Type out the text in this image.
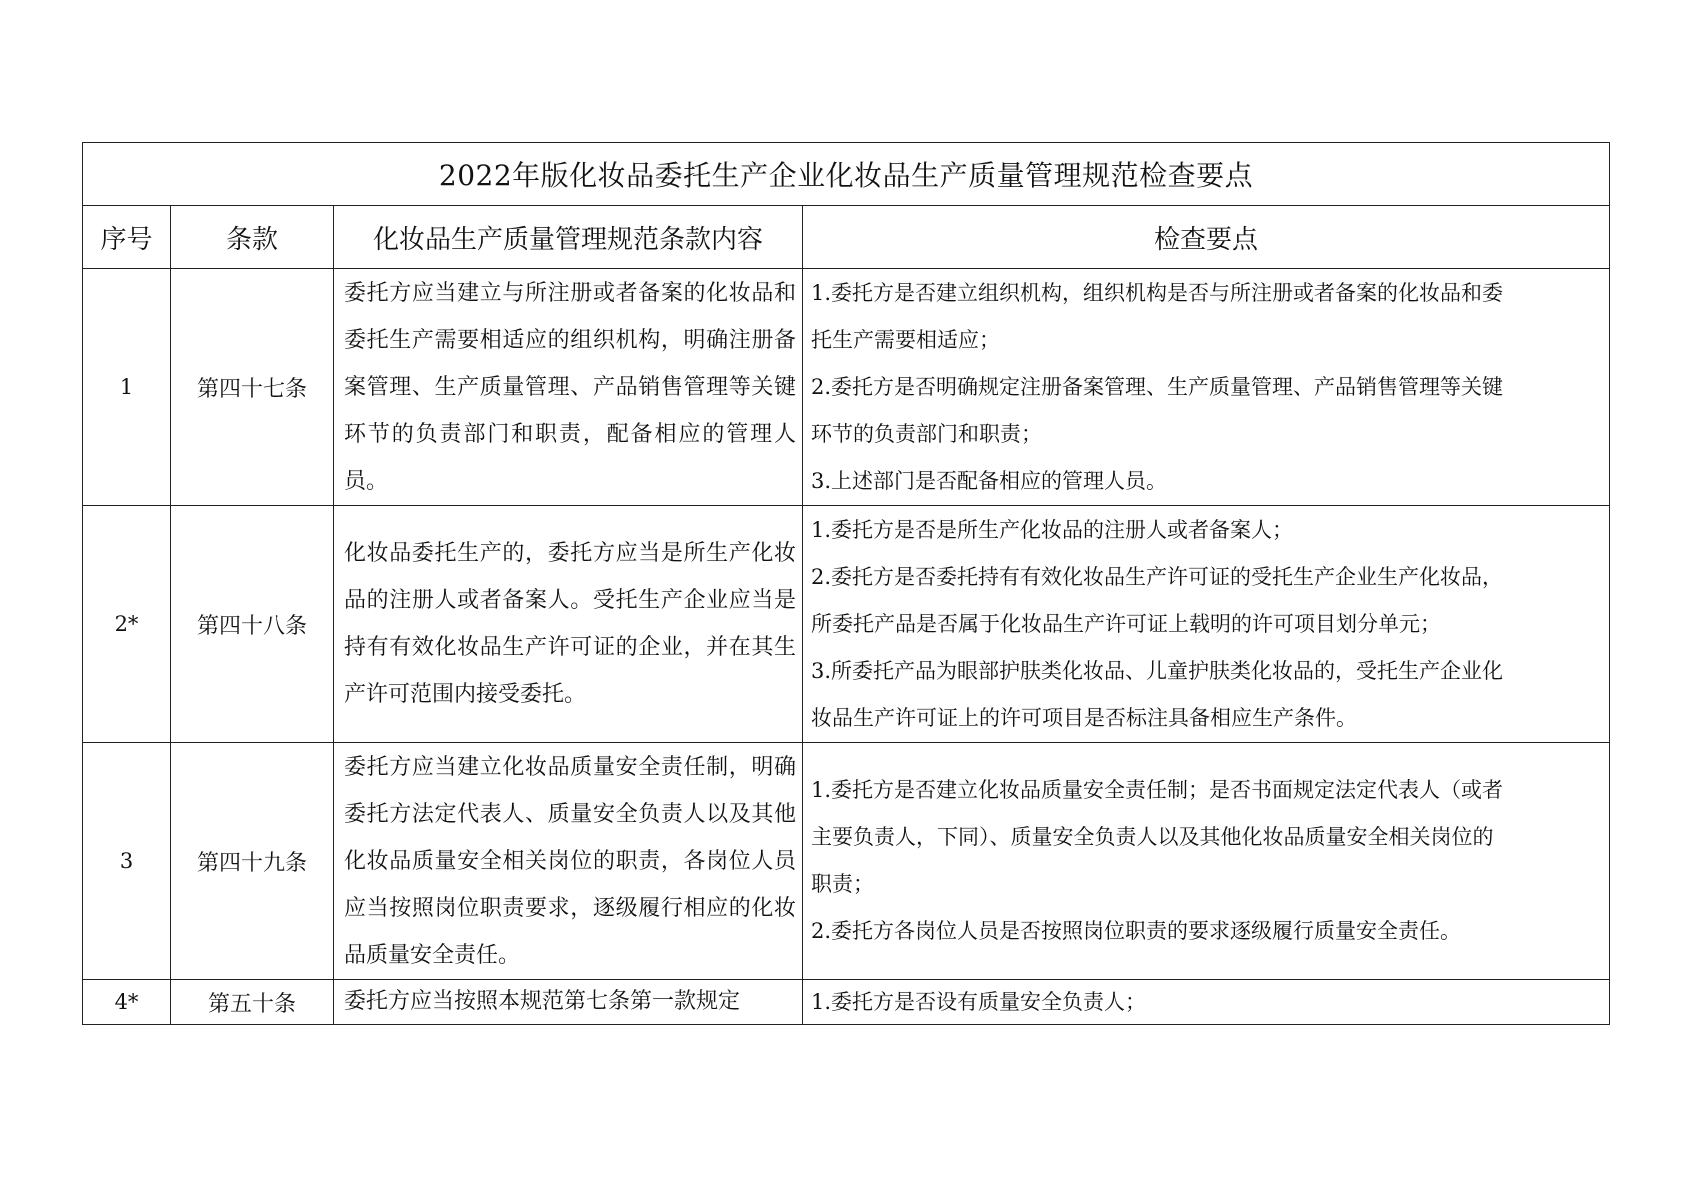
2022年版化妆品委托生产企业化妆品生产质量管理规范检查要点			
序号	条款	化妆品生产质量管理规范条款内容	检查要点
1	第四十七条	委托方应当建立与所注册或者备案的化妆品和委托生产需要相适应的组织机构，明确注册备案管理、生产质量管理、产品销售管理等关键环节的负责部门和职责，配备相应的管理人员。	1.委托方是否建立组织机构，组织机构是否与所注册或者备案的化妆品和委
托生产需要相适应；
2.委托方是否明确规定注册备案管理、生产质量管理、产品销售管理等关键
环节的负责部门和职责；
3.上述部门是否配备相应的管理人员。

2*	第四十八条	化妆品委托生产的，委托方应当是所生产化妆品的注册人或者备案人。受托生产企业应当是持有有效化妆品生产许可证的企业，并在其生产许可范围内接受委托。	1.委托方是否是所生产化妆品的注册人或者备案人；
2.委托方是否委托持有有效化妆品生产许可证的受托生产企业生产化妆品，
所委托产品是否属于化妆品生产许可证上载明的许可项目划分单元；
3.所委托产品为眼部护肤类化妆品、儿童护肤类化妆品的，受托生产企业化
妆品生产许可证上的许可项目是否标注具备相应生产条件。

3	第四十九条	委托方应当建立化妆品质量安全责任制，明确委托方法定代表人、质量安全负责人以及其他化妆品质量安全相关岗位的职责，各岗位人员应当按照岗位职责要求，逐级履行相应的化妆品质量安全责任。	1.委托方是否建立化妆品质量安全责任制；是否书面规定法定代表人（或者
主要负责人，下同）、质量安全负责人以及其他化妆品质量安全相关岗位的
职责；
2.委托方各岗位人员是否按照岗位职责的要求逐级履行质量安全责任。

4*	第五十条	委托方应当按照本规范第七条第一款规定	1.委托方是否设有质量安全负责人；
